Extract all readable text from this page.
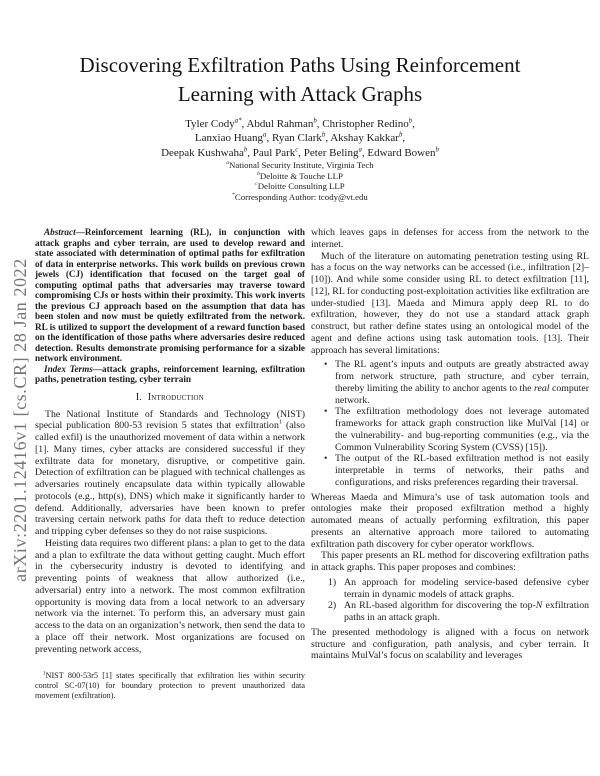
arXiv:2201.12416v1 [cs.CR] 28 Jan 2022
Discovering Exfiltration Paths Using Reinforcement
Learning with Attack Graphs
Tyler Cody$^{a*}$, Abdul Rahman$^b$, Christopher Redino$^b$,
Lanxiao Huang$^a$, Ryan Clark$^b$, Akshay Kakkar$^b$,
Deepak Kushwaha$^b$, Paul Park$^c$, Peter Beling$^a$, Edward Bowen$^b$
$^a$National Security Institute, Virginia Tech
$^b$Deloitte & Touche LLP
$^c$Deloitte Consulting LLP
*Corresponding Author: tcody@vt.edu

Abstract—Reinforcement learning (RL), in conjunction with attack graphs and cyber terrain, are used to develop reward and state associated with determination of optimal paths for exfiltration of data in enterprise networks. This work builds on previous crown jewels (CJ) identification that focused on the target goal of computing optimal paths that adversaries may traverse toward compromising CJs or hosts within their proximity. This work inverts the previous CJ approach based on the assumption that data has been stolen and now must be quietly exfiltrated from the network. RL is utilized to support the development of a reward function based on the identification of those paths where adversaries desire reduced detection. Results demonstrate promising performance for a sizable network environment.

Index Terms—attack graphs, reinforcement learning, exfiltration paths, penetration testing, cyber terrain

I. Introduction

The National Institute of Standards and Technology (NIST) special publication 800-53 revision 5 states that exfiltration$^1$ (also called exfil) is the unauthorized movement of data within a network [1]. Many times, cyber attacks are considered successful if they exfiltrate data for monetary, disruptive, or competitive gain. Detection of exfiltration can be plagued with technical challenges as adversaries routinely encapsulate data within typically allowable protocols (e.g., http(s), DNS) which make it significantly harder to defend. Additionally, adversaries have been known to prefer traversing certain network paths for data theft to reduce detection and tripping cyber defenses so they do not raise suspicions.

Heisting data requires two different plans: a plan to get to the data and a plan to exfiltrate the data without getting caught. Much effort in the cybersecurity industry is devoted to identifying and preventing points of weakness that allow authorized (i.e., adversarial) entry into a network. The most common exfiltration opportunity is moving data from a local network to an adversary network via the internet. To perform this, an adversary must gain access to the data on an organization’s network, then send the data to a place off their network. Most organizations are focused on preventing network access,

$^1$NIST 800-53r5 [1] states specifically that exfiltration lies within security control SC-07(10) for boundary protection to prevent unauthorized data movement (exfiltration).

which leaves gaps in defenses for access from the network to the internet.

Much of the literature on automating penetration testing using RL has a focus on the way networks can be accessed (i.e., infiltration [2]–[10]). And while some consider using RL to detect exfiltration [11], [12], RL for conducting post-exploitation activities like exfiltration are under-studied [13]. Maeda and Mimura apply deep RL to do exfiltration, however, they do not use a standard attack graph construct, but rather define states using an ontological model of the agent and define actions using task automation tools. [13]. Their approach has several limitations:

• The RL agent’s inputs and outputs are greatly abstracted away from network structure, path structure, and cyber terrain, thereby limiting the ability to anchor agents to the real computer network.
• The exfiltration methodology does not leverage automated frameworks for attack graph construction like MulVal [14] or the vulnerability- and bug-reporting communities (e.g., via the Common Vulnerability Scoring System (CVSS) [15]).
• The output of the RL-based exfiltration method is not easily interpretable in terms of networks, their paths and configurations, and risks preferences regarding their traversal.

Whereas Maeda and Mimura’s use of task automation tools and ontologies make their proposed exfiltration method a highly automated means of actually performing exfiltration, this paper presents an alternative approach more tailored to automating exfiltration path discovery for cyber operator workflows.

This paper presents an RL method for discovering exfiltration paths in attack graphs. This paper proposes and combines:

1) An approach for modeling service-based defensive cyber terrain in dynamic models of attack graphs.
2) An RL-based algorithm for discovering the top-N exfiltration paths in an attack graph.

The presented methodology is aligned with a focus on network structure and configuration, path analysis, and cyber terrain. It maintains MulVal’s focus on scalability and leverages
